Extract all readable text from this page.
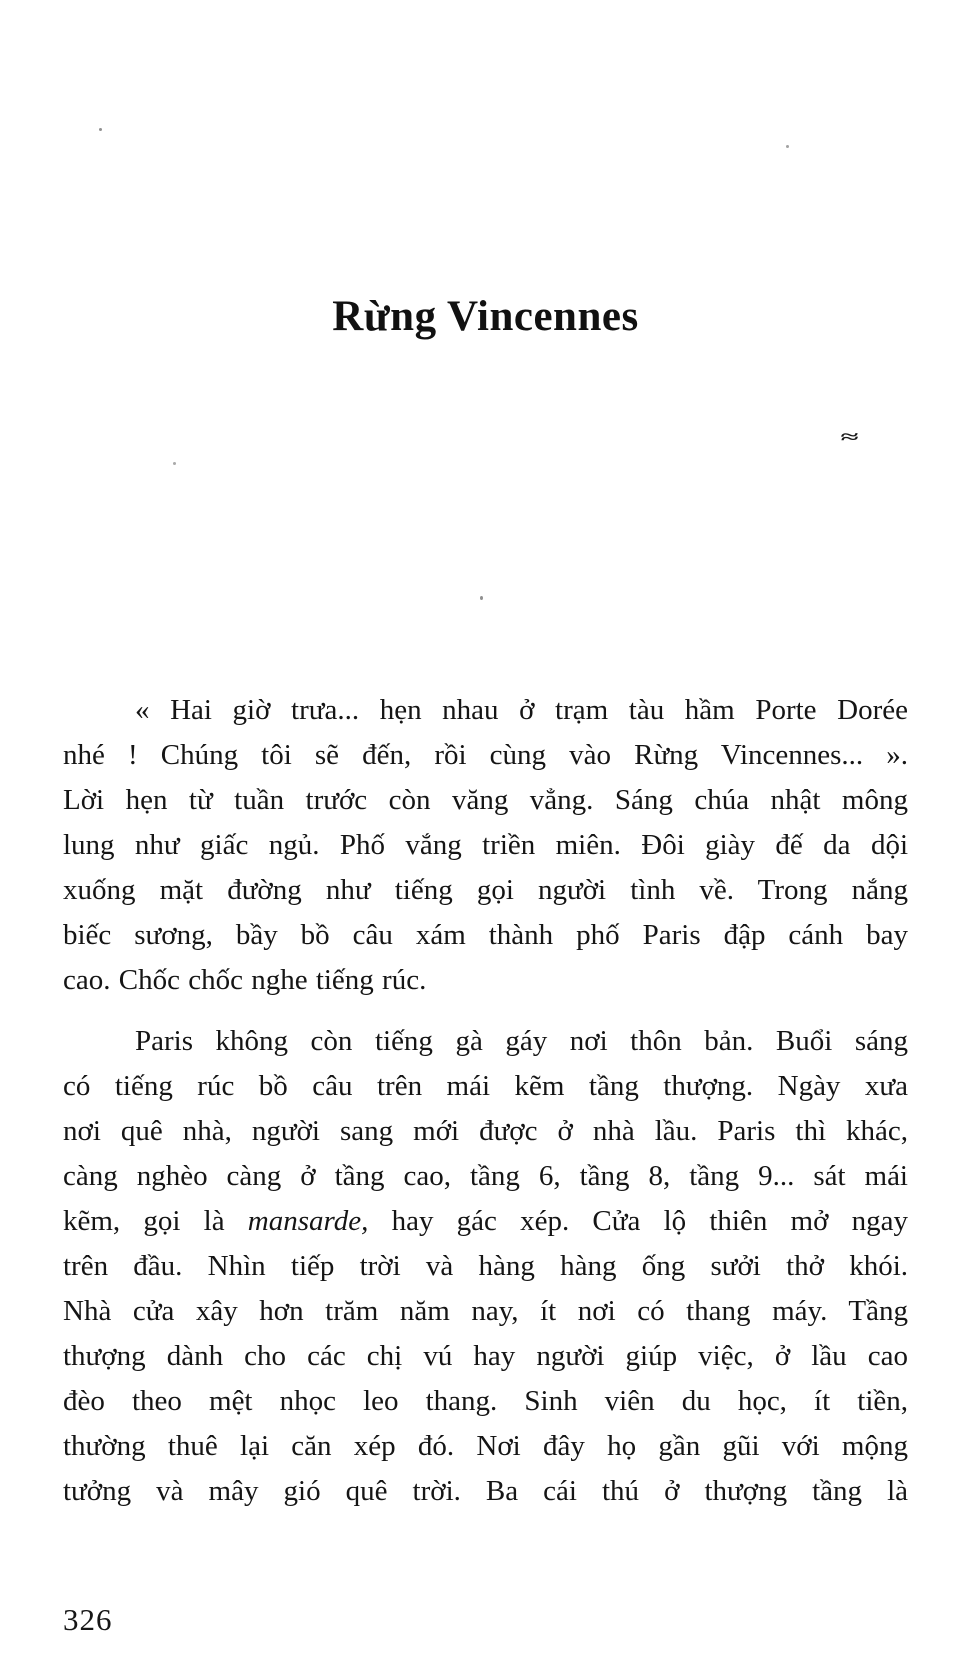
Rừng Vincennes
≈
« Hai giờ trưa... hẹn nhau ở trạm tàu hầm Porte Dorée
nhé ! Chúng tôi sẽ đến, rồi cùng vào Rừng Vincennes... ».
Lời hẹn từ tuần trước còn văng vẳng. Sáng chúa nhật mông
lung như giấc ngủ. Phố vắng triền miên. Đôi giày đế da dội
xuống mặt đường như tiếng gọi người tình về. Trong nắng
biếc sương, bầy bồ câu xám thành phố Paris đập cánh bay
cao. Chốc chốc nghe tiếng rúc.
Paris không còn tiếng gà gáy nơi thôn bản. Buổi sáng
có tiếng rúc bồ câu trên mái kẽm tầng thượng. Ngày xưa
nơi quê nhà, người sang mới được ở nhà lầu. Paris thì khác,
càng nghèo càng ở tầng cao, tầng 6, tầng 8, tầng 9... sát mái
kẽm, gọi là mansarde, hay gác xép. Cửa lộ thiên mở ngay
trên đầu. Nhìn tiếp trời và hàng hàng ống sưởi thở khói.
Nhà cửa xây hơn trăm năm nay, ít nơi có thang máy. Tầng
thượng dành cho các chị vú hay người giúp việc, ở lầu cao
đèo theo mệt nhọc leo thang. Sinh viên du học, ít tiền,
thường thuê lại căn xép đó. Nơi đây họ gần gũi với mộng
tưởng và mây gió quê trời. Ba cái thú ở thượng tầng là
326
